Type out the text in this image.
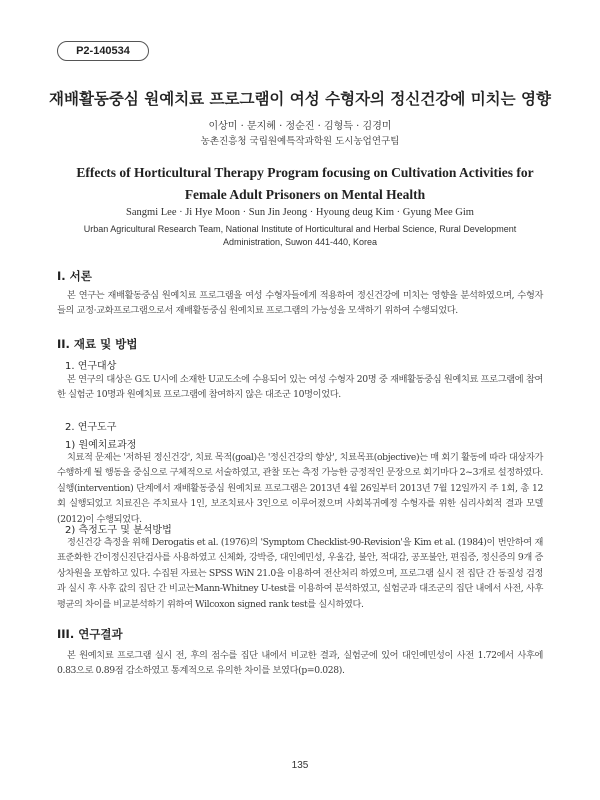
P2-140534
재배활동중심 원예치료 프로그램이 여성 수형자의 정신건강에 미치는 영향
이상미 · 문지혜 · 정순진 · 김형득 · 김경미
농촌진흥청 국립원예특작과학원 도시농업연구팀
Effects of Horticultural Therapy Program focusing on Cultivation Activities for Female Adult Prisoners on Mental Health
Sangmi Lee · Ji Hye Moon · Sun Jin Jeong · Hyoung deug Kim · Gyung Mee Gim
Urban Agricultural Research Team, National Institute of Horticultural and Herbal Science, Rural Development Administration, Suwon 441-440, Korea
I. 서론
본 연구는 재배활동중심 원예치료 프로그램을 여성 수형자들에게 적용하여 정신건강에 미치는 영향을 분석하였으며, 수형자들의 교정·교화프로그램으로서 재배활동중심 원예치료 프로그램의 가능성을 모색하기 위하여 수행되었다.
II. 재료 및 방법
1. 연구대상
본 연구의 대상은 G도 U시에 소재한 U교도소에 수용되어 있는 여성 수형자 20명 중 재배활동중심 원예치료 프로그램에 참여한 실험군 10명과 원예치료 프로그램에 참여하지 않은 대조군 10명이었다.
2. 연구도구
1) 원예치료과정
치료적 문제는 '저하된 정신건강', 치료 목적(goal)은 '정신건강의 향상', 치료목표(objective)는 매 회기 활동에 따라 대상자가 수행하게 될 행동을 중심으로 구체적으로 서술하였고, 관찰 또는 측정 가능한 긍정적인 문장으로 회기마다 2~3개로 설정하였다. 실행(intervention) 단계에서 재배활동중심 원예치료 프로그램은 2013년 4월 26일부터 2013년 7월 12일까지 주 1회, 총 12회 실행되었고 치료진은 주치료사 1인, 보조치료사 3인으로 이루어졌으며 사회복귀예정 수형자를 위한 심리사회적 결과 모델(2012)이 수행되었다.
2) 측정도구 및 분석방법
정신건강 측정을 위해 Derogatis et al. (1976)의 'Symptom Checklist-90-Revision'을 Kim et al. (1984)이 번안하여 재표준화한 간이정신진단검사를 사용하였고 신체화, 강박증, 대인예민성, 우울감, 불안, 적대감, 공포불안, 편집증, 정신증의 9개 증상차원을 포함하고 있다. 수집된 자료는 SPSS WiN 21.0을 이용하여 전산처리 하였으며, 프로그램 실시 전 집단 간 동질성 검정과 실시 후 사후 값의 집단 간 비교는Mann-Whitney U-test를 이용하여 분석하였고, 실험군과 대조군의 집단 내에서 사전, 사후 평균의 차이를 비교분석하기 위하여 Wilcoxon signed rank test를 실시하였다.
III. 연구결과
본 원예치료 프로그램 실시 전, 후의 점수를 집단 내에서 비교한 결과, 실험군에 있어 대인예민성이 사전 1.72에서 사후에 0.83으로 0.89점 감소하였고 통계적으로 유의한 차이를 보였다(p=0.028).
135
